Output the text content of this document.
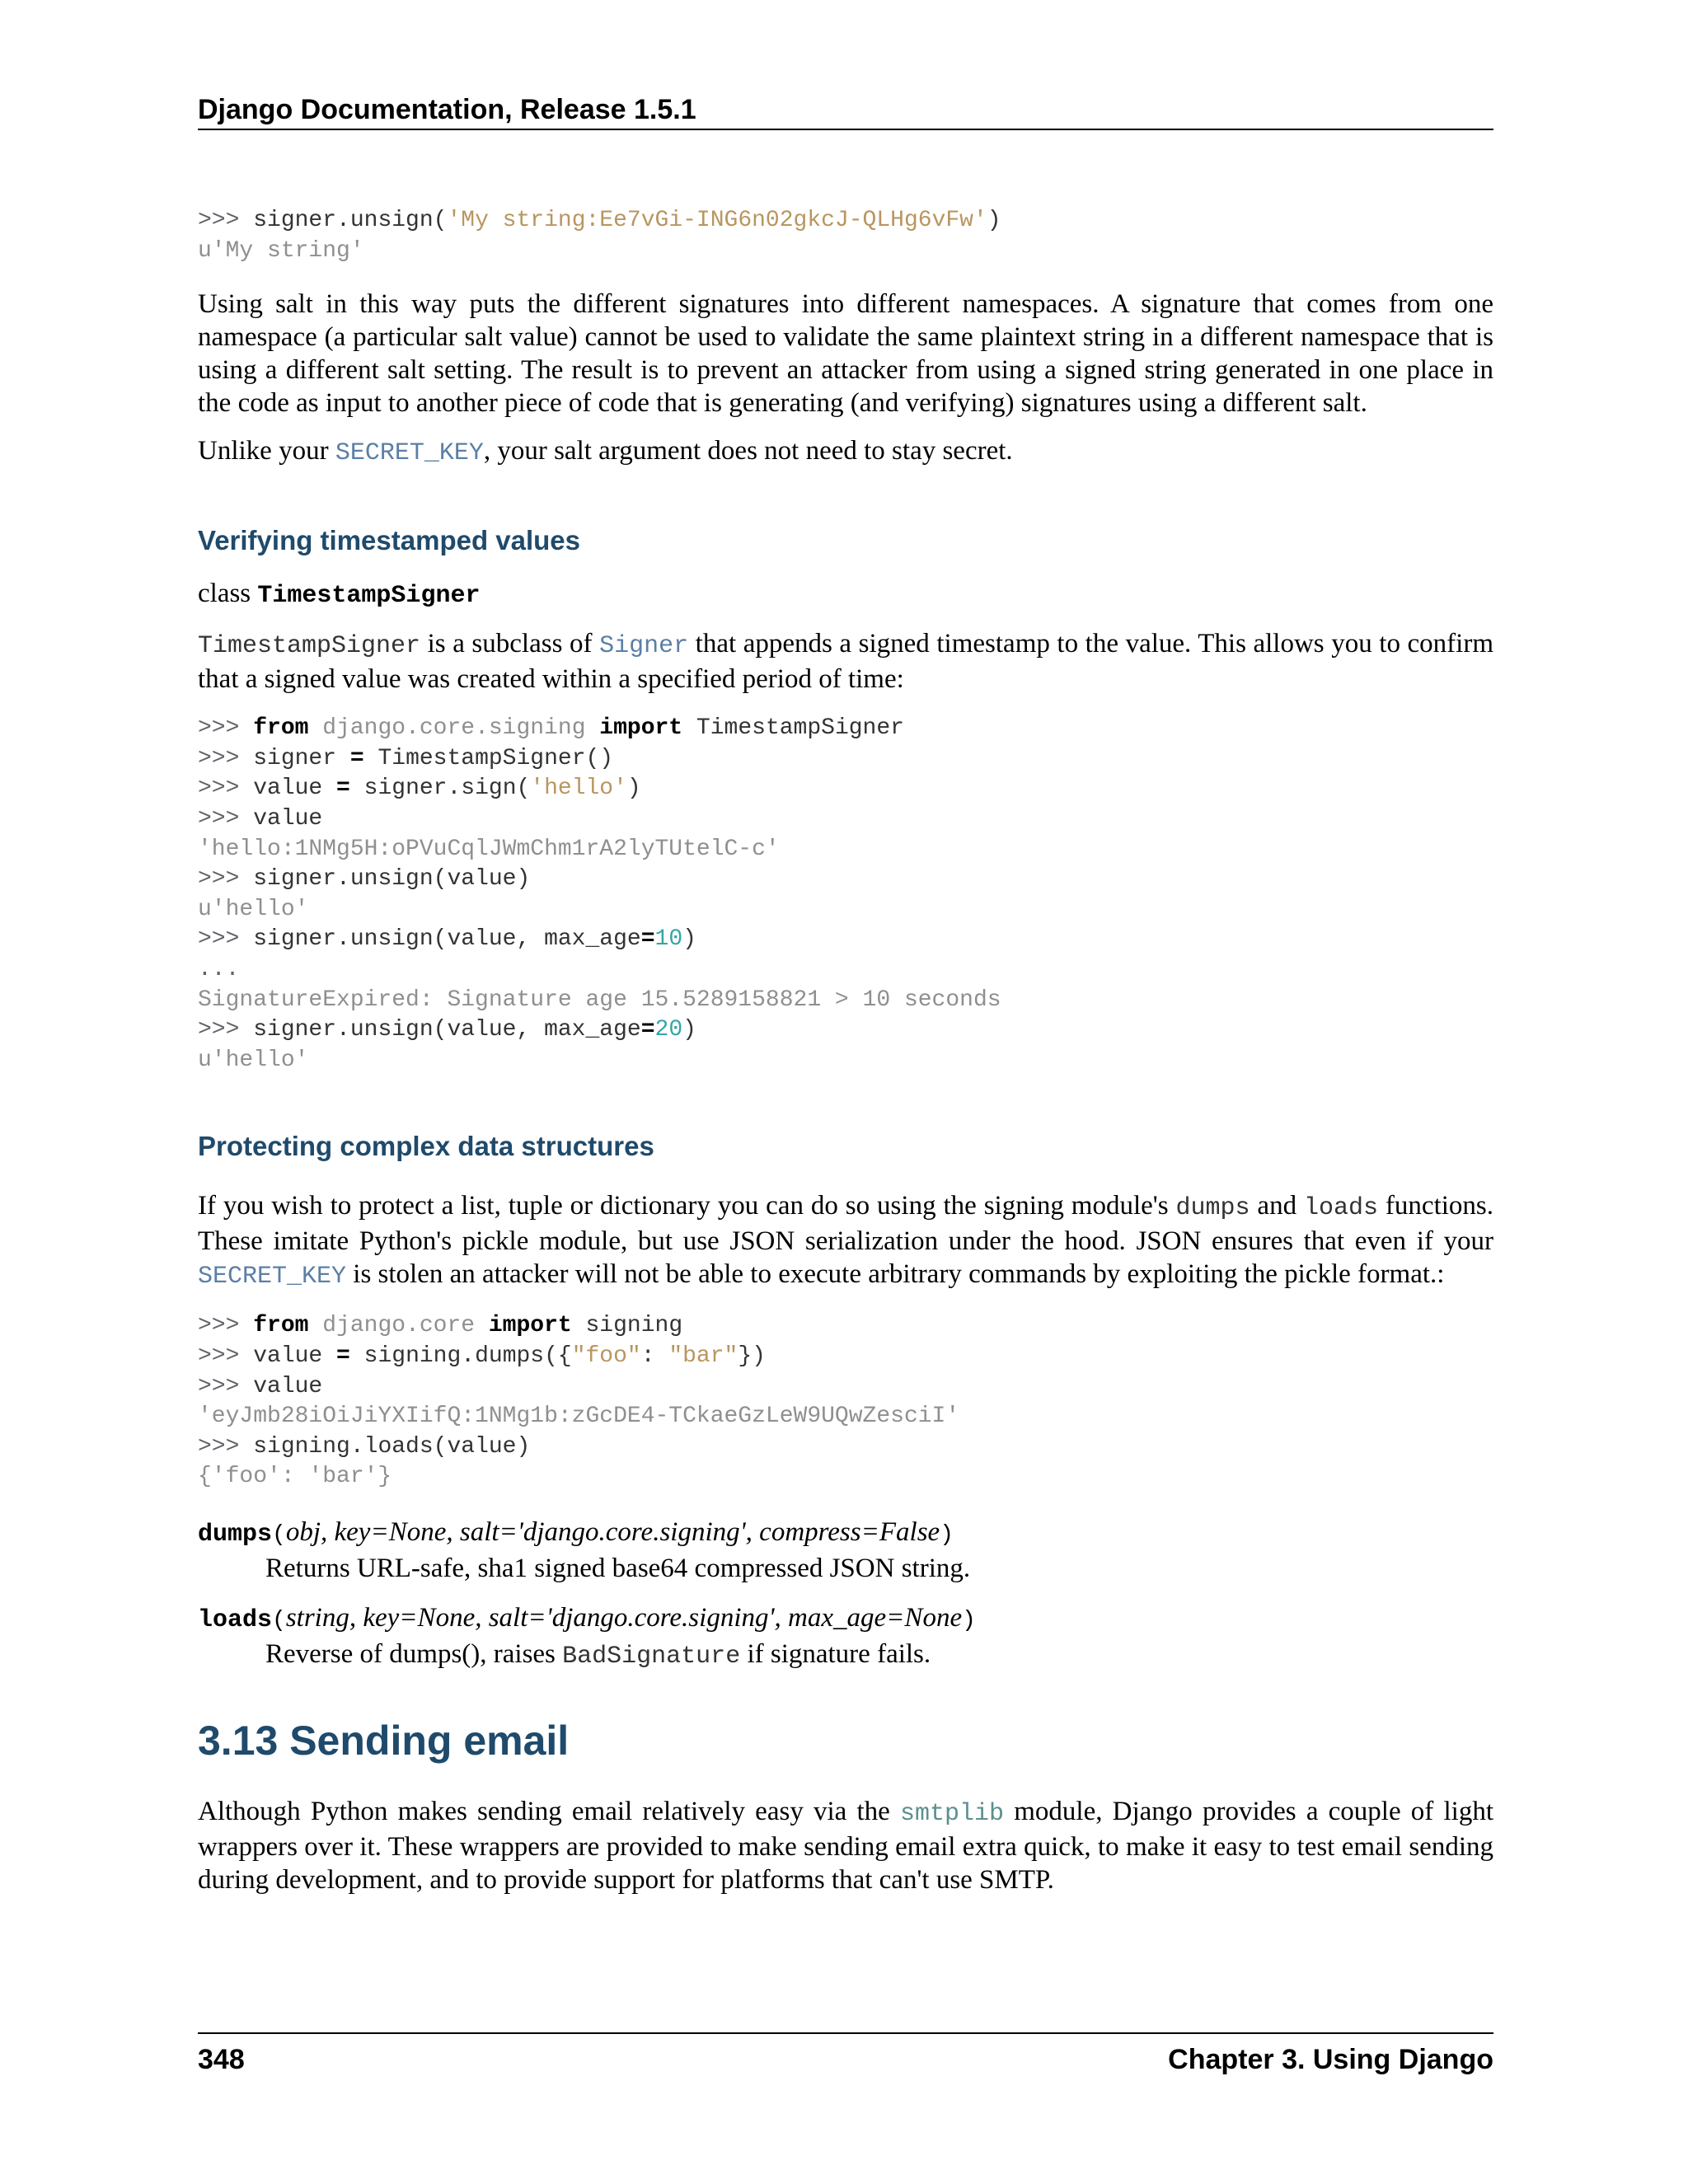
Django Documentation, Release 1.5.1
>>> signer.unsign('My string:Ee7vGi-ING6n02gkcJ-QLHg6vFw')
u'My string'

Using salt in this way puts the different signatures into different namespaces. A signature that comes from one namespace (a particular salt value) cannot be used to validate the same plaintext string in a different namespace that is using a different salt setting. The result is to prevent an attacker from using a signed string generated in one place in the code as input to another piece of code that is generating (and verifying) signatures using a different salt.

Unlike your SECRET_KEY, your salt argument does not need to stay secret.

Verifying timestamped values
class TimestampSigner

TimestampSigner is a subclass of Signer that appends a signed timestamp to the value. This allows you to confirm that a signed value was created within a specified period of time:

>>> from django.core.signing import TimestampSigner
>>> signer = TimestampSigner()
>>> value = signer.sign('hello')
>>> value
'hello:1NMg5H:oPVuCqlJWmChm1rA2lyTUtelC-c'
>>> signer.unsign(value)
u'hello'
>>> signer.unsign(value, max_age=10)
...
SignatureExpired: Signature age 15.5289158821 > 10 seconds
>>> signer.unsign(value, max_age=20)
u'hello'
Protecting complex data structures

If you wish to protect a list, tuple or dictionary you can do so using the signing module's dumps and loads functions. These imitate Python's pickle module, but use JSON serialization under the hood. JSON ensures that even if your SECRET_KEY is stolen an attacker will not be able to execute arbitrary commands by exploiting the pickle format.:

>>> from django.core import signing
>>> value = signing.dumps({"foo": "bar"})
>>> value
'eyJmb28iOiJiYXIifQ:1NMg1b:zGcDE4-TCkaeGzLeW9UQwZesciI'
>>> signing.loads(value)
{'foo': 'bar'}
dumps(obj, key=None, salt='django.core.signing', compress=False)
Returns URL-safe, sha1 signed base64 compressed JSON string.
loads(string, key=None, salt='django.core.signing', max_age=None)
Reverse of dumps(), raises BadSignature if signature fails.
3.13 Sending email

Although Python makes sending email relatively easy via the smtplib module, Django provides a couple of light wrappers over it. These wrappers are provided to make sending email extra quick, to make it easy to test email sending during development, and to provide support for platforms that can't use SMTP.

348	Chapter 3. Using Django
